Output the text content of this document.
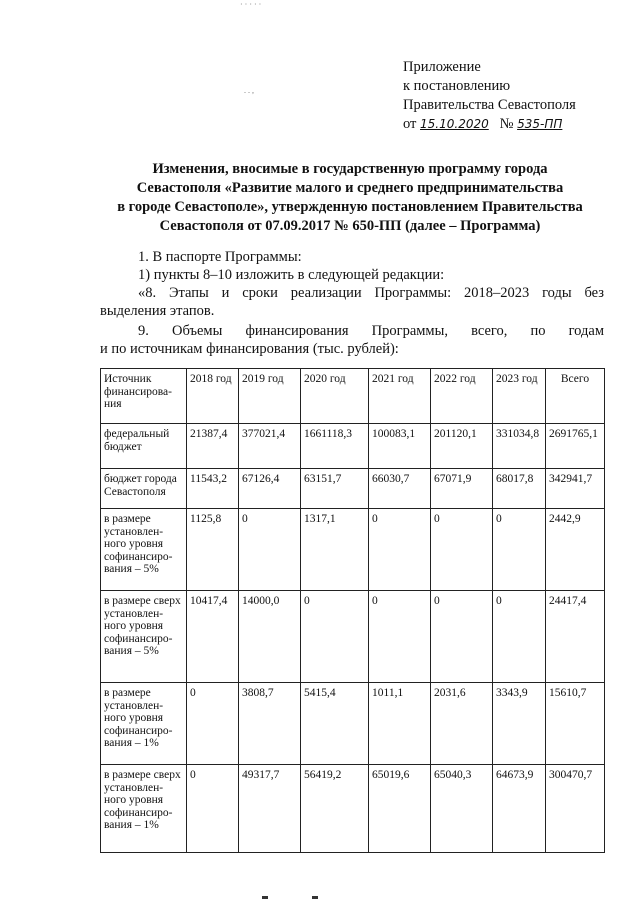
. . ,
· · · · ·
Приложение
к постановлению
Правительства Севастополя
от 15.10.2020 № 535-ПП
Изменения, вносимые в государственную программу города
Севастополя «Развитие малого и среднего предпринимательства
в городе Севастополе», утвержденную постановлением Правительства
Севастополя от 07.09.2017 № 650-ПП (далее – Программа)
1. В паспорте Программы:
1) пункты 8–10 изложить в следующей редакции:
«8. Этапы и сроки реализации Программы: 2018–2023 годы без
выделения этапов.
9. Объемы финансирования Программы, всего, по годам
и по источникам финансирования (тыс. рублей):
Источник финансирова-ния	2018 год	2019 год	2020 год	2021 год	2022 год	2023 год	Всего
федеральный бюджет	21387,4	377021,4	1661118,3	100083,1	201120,1	331034,8	2691765,1
бюджет города Севастополя	11543,2	67126,4	63151,7	66030,7	67071,9	68017,8	342941,7
в размере установлен-ного уровня софинансиро-вания – 5%	1125,8	0	1317,1	0	0	0	2442,9
в размере сверх установлен-ного уровня софинансиро-вания – 5%	10417,4	14000,0	0	0	0	0	24417,4
в размере установлен-ного уровня софинансиро-вания – 1%	0	3808,7	5415,4	1011,1	2031,6	3343,9	15610,7
в размере сверх установлен-ного уровня софинансиро-вания – 1%	0	49317,7	56419,2	65019,6	65040,3	64673,9	300470,7
